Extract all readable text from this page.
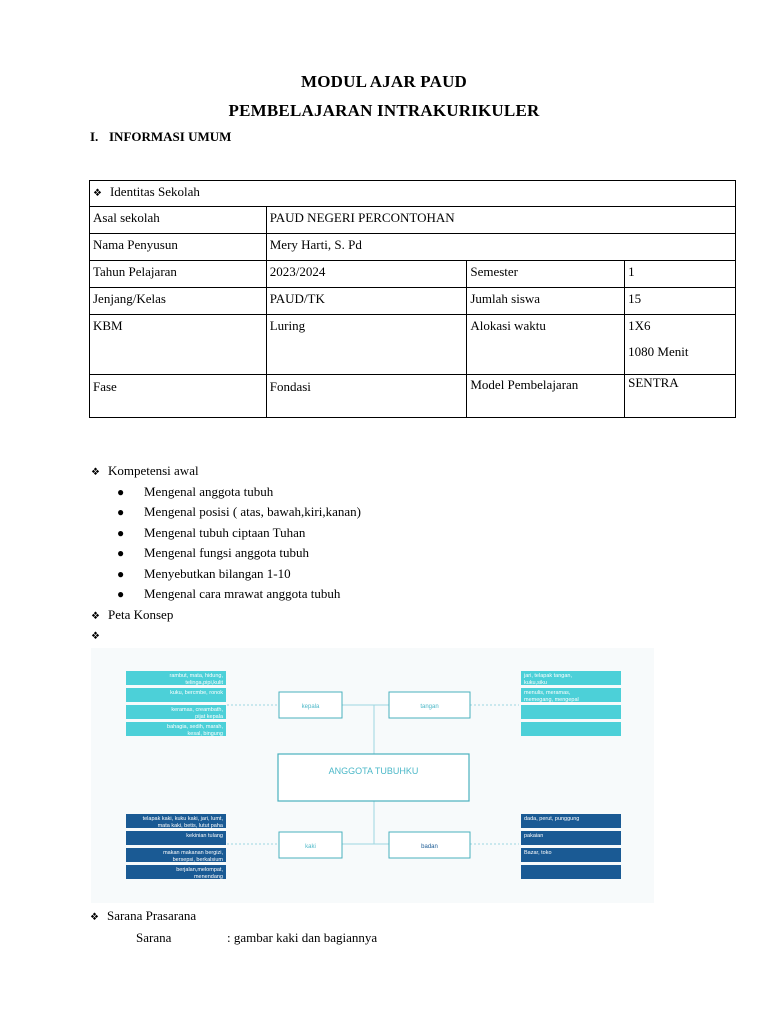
MODUL AJAR PAUD
PEMBELAJARAN INTRAKURIKULER
I. INFORMASI UMUM
❖ Identitas Sekolah			
Asal sekolah	PAUD NEGERI PERCONTOHAN		
Nama Penyusun	Mery Harti, S. Pd		
Tahun Pelajaran	2023/2024	Semester	1
Jenjang/Kelas	PAUD/TK	Jumlah siswa	15
KBM	Luring	Alokasi waktu	1X6
1080 Menit

Fase	Fondasi	Model Pembelajaran	SENTRA
❖ Kompetensi awal
● Mengenal anggota tubuh
● Mengenal posisi ( atas, bawah,kiri,kanan)
● Mengenal tubuh ciptaan Tuhan
● Mengenal fungsi anggota tubuh
● Menyebutkan bilangan 1-10
● Mengenal cara mrawat anggota tubuh
❖ Peta Konsep
❖
ANGGOTA TUBUHKU
kepala	tangan
kaki	badan
rambut, mata, hidung,
telinga,pipi,kulit
kuku, bercmbe, ronok
keramas, creambath,
pijat kepala
bahagia, sedih, marah,
kesal, bingung
jari, telapak tangan,
kuku,siku
menulis, meramas,
memegang, mengepal
telapak kaki, kuku kaki, jari, lumt,
mata kaki, betis, lutut paha
kekinian tulang
makan makanan bergizi,
bersepsi, berkalsium
berjalan,melompat,
menendang
dada, perut, punggung
pakaian
Bazar, toko
❖ Sarana Prasarana
Sarana	: gambar kaki dan bagiannya
